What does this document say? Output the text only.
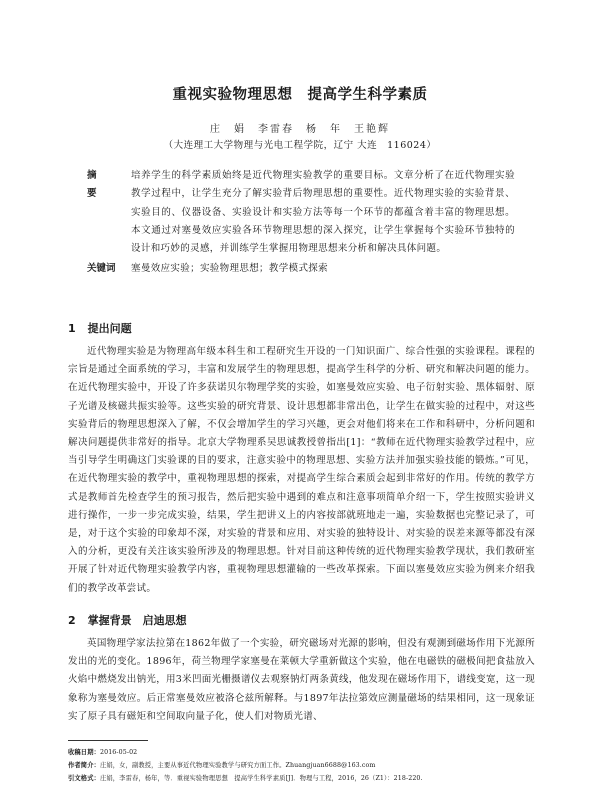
重视实验物理思想　提高学生科学素质
庄　娟　李雷春　杨　年　王艳辉
（大连理工大学物理与光电工程学院，辽宁 大连　116024）
摘　要
培养学生的科学素质始终是近代物理实验教学的重要目标。文章分析了在近代物理实验教学过程中，让学生充分了解实验背后物理思想的重要性。近代物理实验的实验背景、实验目的、仪器设备、实验设计和实验方法等每一个环节的都蕴含着丰富的物理思想。本文通过对塞曼效应实验各环节物理思想的深入探究，让学生掌握每个实验环节独特的设计和巧妙的灵感，并训练学生掌握用物理思想来分析和解决具体问题。
关键词	塞曼效应实验；实验物理思想；教学模式探索
1 提出问题

近代物理实验是为物理高年级本科生和工程研究生开设的一门知识面广、综合性强的实验课程。课程的宗旨是通过全面系统的学习，丰富和发展学生的物理思想，提高学生科学的分析、研究和解决问题的能力。在近代物理实验中，开设了许多获诺贝尔物理学奖的实验，如塞曼效应实验、电子衍射实验、黑体辐射、原子光谱及核磁共振实验等。这些实验的研究背景、设计思想都非常出色，让学生在做实验的过程中，对这些实验背后的物理思想深入了解，不仅会增加学生的学习兴趣，更会对他们将来在工作和科研中，分析问题和解决问题提供非常好的指导。北京大学物理系吴思诚教授曾指出[1]：“教师在近代物理实验教学过程中，应当引导学生明确这门实验课的目的要求，注意实验中的物理思想、实验方法并加强实验技能的锻炼。”可见，在近代物理实验的教学中，重视物理思想的探索，对提高学生综合素质会起到非常好的作用。传统的教学方式是教师首先检查学生的预习报告，然后把实验中遇到的难点和注意事项简单介绍一下，学生按照实验讲义进行操作，一步一步完成实验，结果，学生把讲义上的内容按部就班地走一遍，实验数据也完整记录了，可是，对于这个实验的印象却不深，对实验的背景和应用、对实验的独特设计、对实验的误差来源等都没有深入的分析，更没有关注该实验所涉及的物理思想。针对目前这种传统的近代物理实验教学现状，我们教研室开展了针对近代物理实验教学内容，重视物理思想灌输的一些改革探索。下面以塞曼效应实验为例来介绍我们的教学改革尝试。

2 掌握背景　启迪思想

英国物理学家法拉第在1862年做了一个实验，研究磁场对光源的影响，但没有观测到磁场作用下光源所发出的光的变化。1896年，荷兰物理学家塞曼在莱顿大学重新做这个实验，他在电磁铁的磁极间把食盐放入火焰中燃烧发出钠光，用3米凹面光栅摄谱仪去观察钠灯两条黄线，他发现在磁场作用下，谱线变宽，这一现象称为塞曼效应。后正常塞曼效应被洛仑兹所解释。与1897年法拉第效应测量磁场的结果相同，这一现象证实了原子具有磁矩和空间取向量子化，使人们对物质光谱、

收稿日期：2016-05-02
作者简介：庄娟，女，副教授，主要从事近代物理实验教学与研究方面工作。Zhuangjuan6688@163.com
引文格式：庄娟，李雷春，杨年，等．重视实验物理思想　提高学生科学素质[J]．物理与工程，2016，26（Z1）：218-220.
